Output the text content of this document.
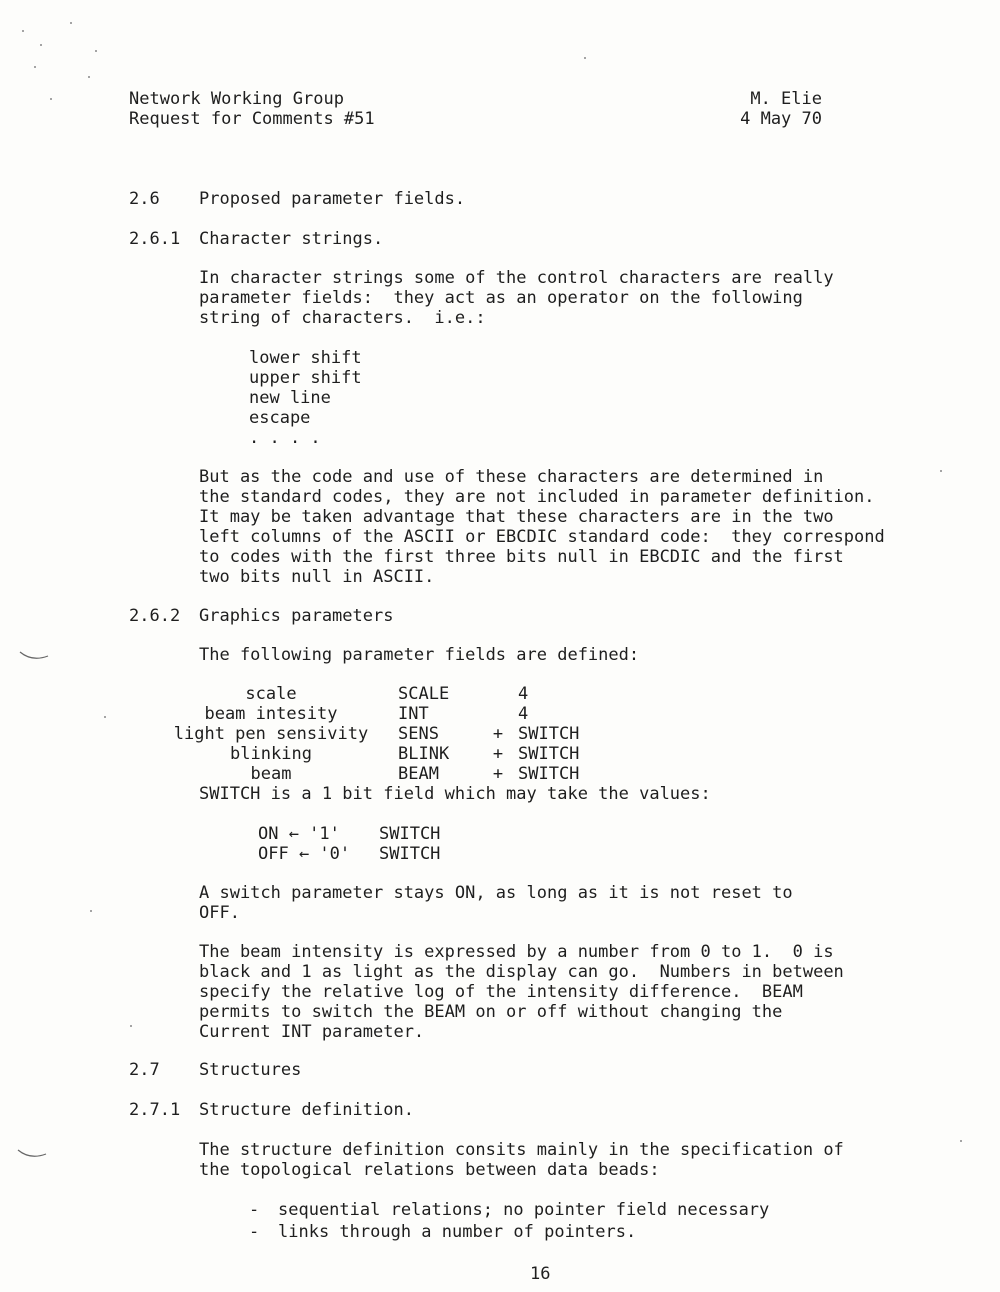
Network Working Group
Request for Comments #51
M. Elie
4 May 70
2.6 Proposed parameter fields.
2.6.1 Character strings.
In character strings some of the control characters are really
parameter fields:  they act as an operator on the following
string of characters.  i.e.:
lower shift
upper shift
new line
escape
. . . .
But as the code and use of these characters are determined in
the standard codes, they are not included in parameter definition.
It may be taken advantage that these characters are in the two
left columns of the ASCII or EBCDIC standard code:  they correspond
to codes with the first three bits null in EBCDIC and the first
two bits null in ASCII.
2.6.2 Graphics parameters
The following parameter fields are defined:
scale	SCALE		4
beam intesity	INT		4
light pen sensivity	SENS	+	SWITCH
blinking	BLINK	+	SWITCH
beam	BEAM	+	SWITCH
SWITCH is a 1 bit field which may take the values:
ON ← '1'	SWITCH
OFF ← '0'	SWITCH
A switch parameter stays ON, as long as it is not reset to
OFF.
The beam intensity is expressed by a number from 0 to 1.  0 is
black and 1 as light as the display can go.  Numbers in between
specify the relative log of the intensity difference.  BEAM
permits to switch the BEAM on or off without changing the
Current INT parameter.
2.7 Structures
2.7.1 Structure definition.
The structure definition consits mainly in the specification of
the topological relations between data beads:
- sequential relations; no pointer field necessary
- links through a number of pointers.
16
